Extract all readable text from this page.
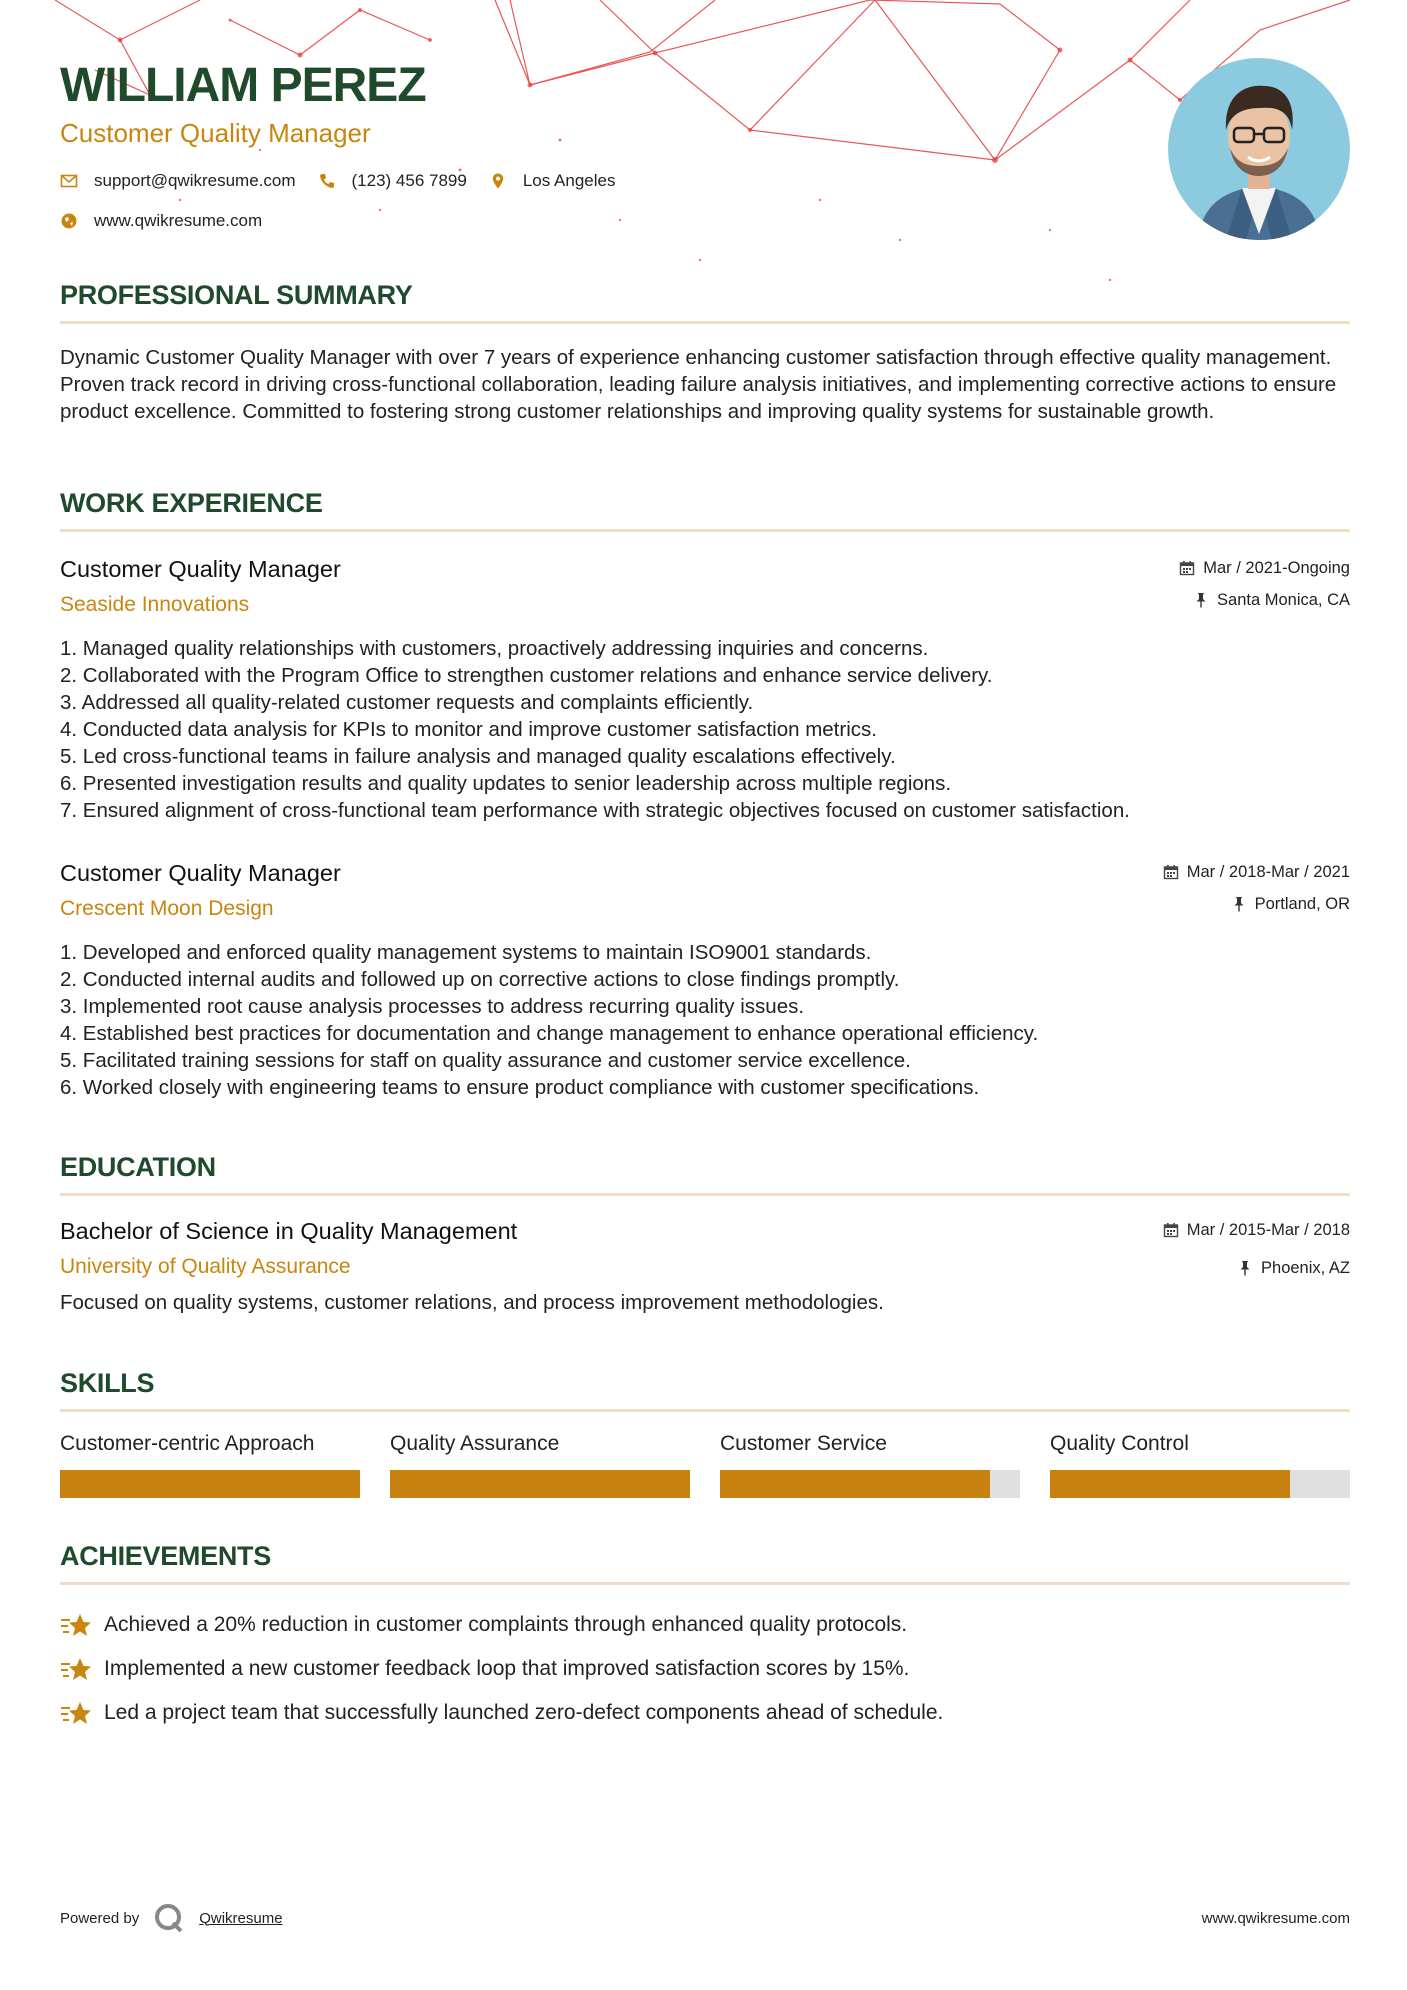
WILLIAM PEREZ
Customer Quality Manager
support@qwikresume.com	(123) 456 7899	Los Angeles
www.qwikresume.com
PROFESSIONAL SUMMARY
Dynamic Customer Quality Manager with over 7 years of experience enhancing customer satisfaction through effective quality management. Proven track record in driving cross-functional collaboration, leading failure analysis initiatives, and implementing corrective actions to ensure product excellence. Committed to fostering strong customer relationships and improving quality systems for sustainable growth.
WORK EXPERIENCE
Customer Quality Manager
Seaside Innovations
Mar / 2021-Ongoing
Santa Monica, CA
1. Managed quality relationships with customers, proactively addressing inquiries and concerns.
2. Collaborated with the Program Office to strengthen customer relations and enhance service delivery.
3. Addressed all quality-related customer requests and complaints efficiently.
4. Conducted data analysis for KPIs to monitor and improve customer satisfaction metrics.
5. Led cross-functional teams in failure analysis and managed quality escalations effectively.
6. Presented investigation results and quality updates to senior leadership across multiple regions.
7. Ensured alignment of cross-functional team performance with strategic objectives focused on customer satisfaction.
Customer Quality Manager
Crescent Moon Design
Mar / 2018-Mar / 2021
Portland, OR
1. Developed and enforced quality management systems to maintain ISO9001 standards.
2. Conducted internal audits and followed up on corrective actions to close findings promptly.
3. Implemented root cause analysis processes to address recurring quality issues.
4. Established best practices for documentation and change management to enhance operational efficiency.
5. Facilitated training sessions for staff on quality assurance and customer service excellence.
6. Worked closely with engineering teams to ensure product compliance with customer specifications.
EDUCATION
Bachelor of Science in Quality Management
University of Quality Assurance
Mar / 2015-Mar / 2018
Phoenix, AZ
Focused on quality systems, customer relations, and process improvement methodologies.
SKILLS
Customer-centric Approach	Quality Assurance	Customer Service	Quality Control
ACHIEVEMENTS
Achieved a 20% reduction in customer complaints through enhanced quality protocols.
Implemented a new customer feedback loop that improved satisfaction scores by 15%.
Led a project team that successfully launched zero-defect components ahead of schedule.
Powered by	Qwikresume	www.qwikresume.com
